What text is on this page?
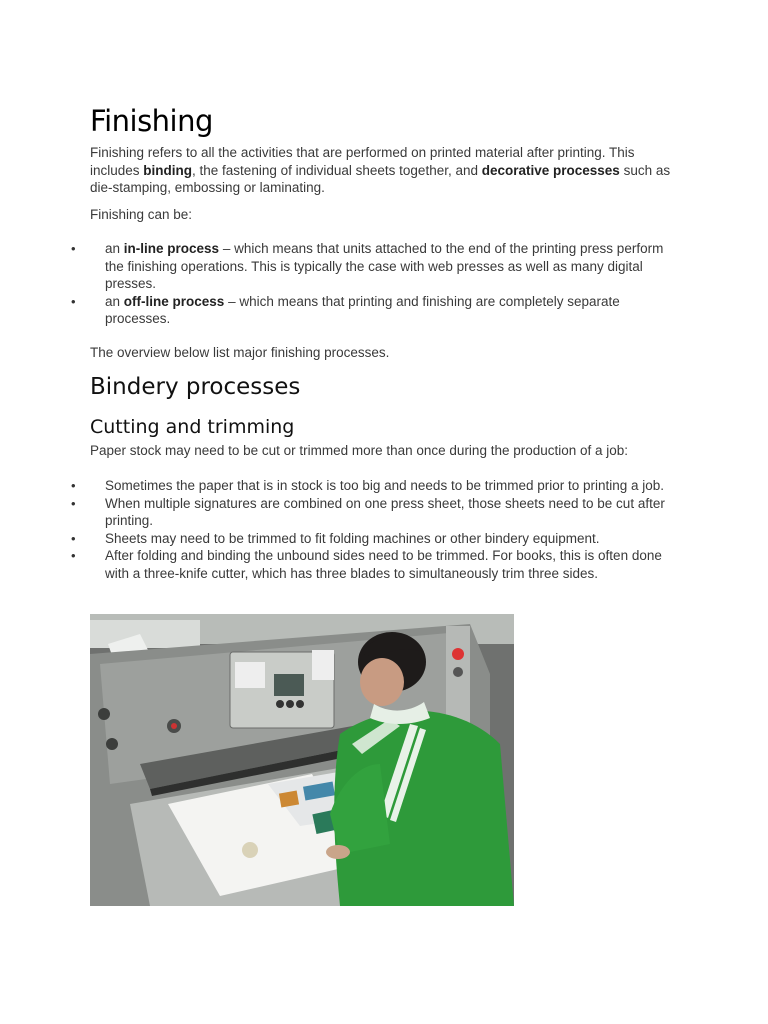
Finishing

Finishing refers to all the activities that are performed on printed material after printing. This includes binding, the fastening of individual sheets together, and decorative processes such as die-stamping, embossing or laminating.

Finishing can be:

• an in-line process – which means that units attached to the end of the printing press perform the finishing operations. This is typically the case with web presses as well as many digital presses.
• an off-line process – which means that printing and finishing are completely separate processes.

The overview below list major finishing processes.

Bindery processes
Cutting and trimming

Paper stock may need to be cut or trimmed more than once during the production of a job:

• Sometimes the paper that is in stock is too big and needs to be trimmed prior to printing a job.
• When multiple signatures are combined on one press sheet, those sheets need to be cut after printing.
• Sheets may need to be trimmed to fit folding machines or other bindery equipment.
• After folding and binding the unbound sides need to be trimmed. For books, this is often done with a three-knife cutter, which has three blades to simultaneously trim three sides.
